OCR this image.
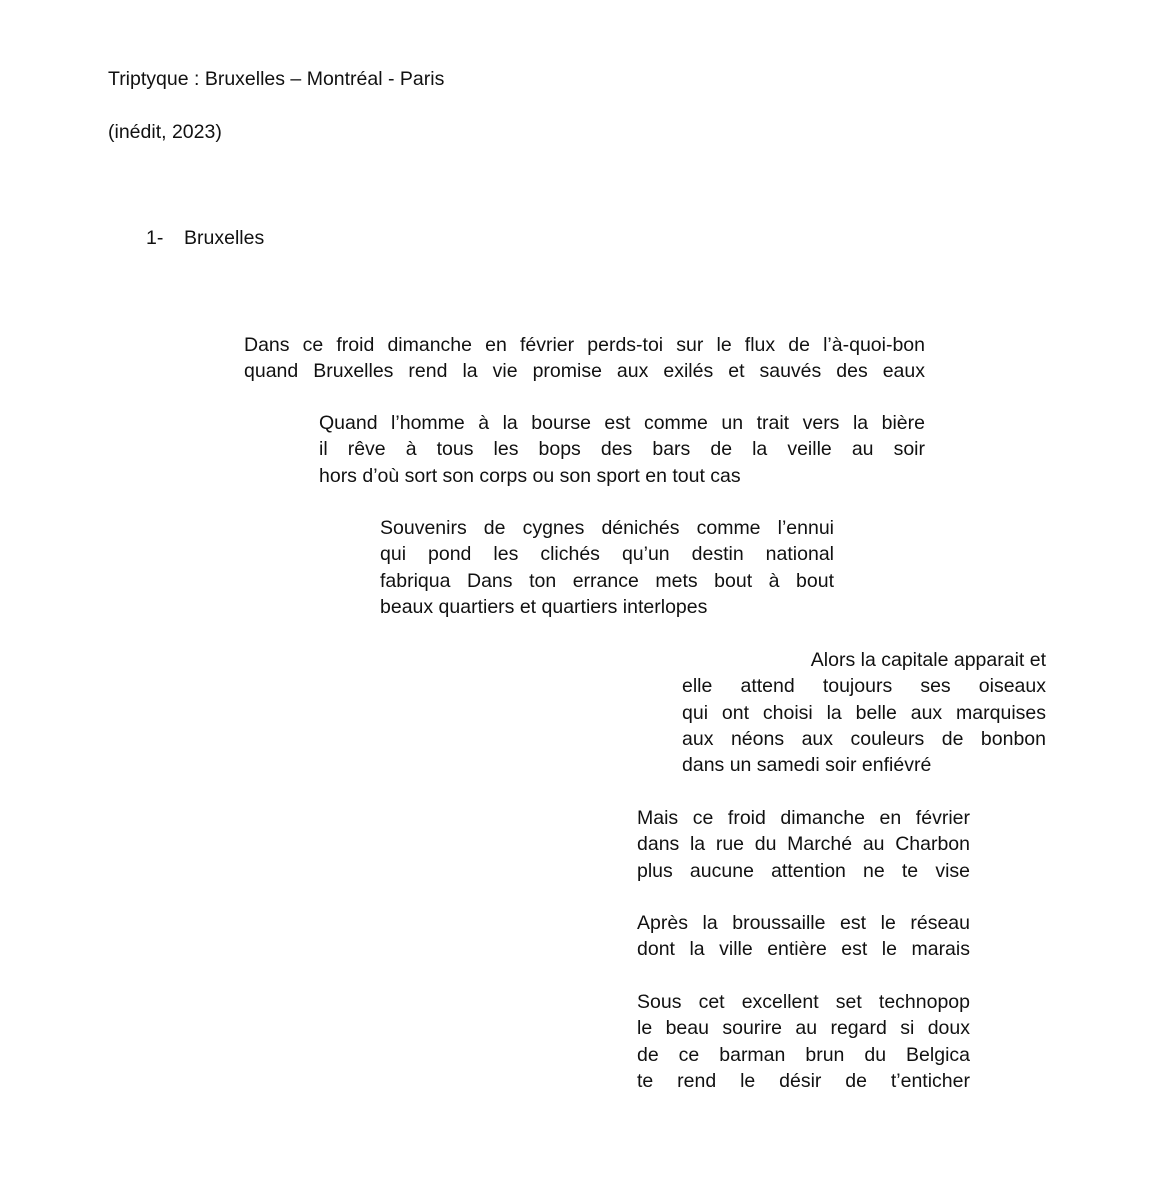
Triptyque : Bruxelles – Montréal - Paris
(inédit, 2023)
1- Bruxelles
Dans ce froid dimanche en février perds-toi sur le flux de l’à-quoi-bon
quand Bruxelles rend la vie promise aux exilés et sauvés des eaux
Quand l’homme à la bourse est comme un trait vers la bière
il rêve à tous les bops des bars de la veille au soir
hors d’où sort son corps ou son sport en tout cas
Souvenirs de cygnes dénichés comme l’ennui
qui pond les clichés qu’un destin national
fabriqua Dans ton errance mets bout à bout
beaux quartiers et quartiers interlopes
Alors la capitale apparait et
elle attend toujours ses oiseaux
qui ont choisi la belle aux marquises
aux néons aux couleurs de bonbon
dans un samedi soir enfiévré
Mais ce froid dimanche en février
dans la rue du Marché au Charbon
plus aucune attention ne te vise
Après la broussaille est le réseau
dont la ville entière est le marais
Sous cet excellent set technopop
le beau sourire au regard si doux
de ce barman brun du Belgica
te rend le désir de t’enticher
